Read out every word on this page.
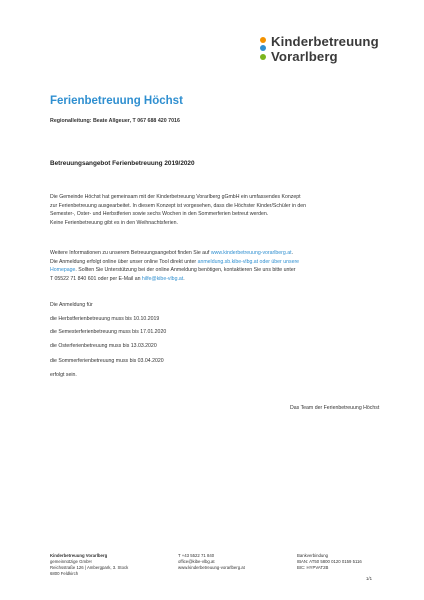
Kinderbetreuung
Vorarlberg
Ferienbetreuung Höchst
Regionalleitung: Beate Allgeuer, T 067 688 420 7016
Betreuungsangebot Ferienbetreuung 2019/2020
Die Gemeinde Höchst hat gemeinsam mit der Kinderbetreuung Vorarlberg gGmbH ein umfassendes Konzept
zur Ferienbetreuung ausgearbeitet. In diesem Konzept ist vorgesehen, dass die Höchster Kinder/Schüler in den
Semester-, Oster- und Herbstferien sowie sechs Wochen in den Sommerferien betreut werden.
Keine Ferienbetreuung gibt es in den Weihnachtsferien.
Weitere Informationen zu unserem Betreuungsangebot finden Sie auf www.kinderbetreuung-vorarlberg.at.
Die Anmeldung erfolgt online über unser online Tool direkt unter anmeldung.sb.kibe-vlbg.at oder über unsere
Homepage. Sollten Sie Unterstützung bei der online Anmeldung benötigen, kontaktieren Sie uns bitte unter
T 05522 71 840 601 oder per E-Mail an hilfe@kibe-vlbg.at.
Die Anmeldung für
die Herbstferienbetreuung muss bis 10.10.2019
die Semesterferienbetreuung muss bis 17.01.2020
die Osterferienbetreuung muss bis 13.03.2020
die Sommerferienbetreuung muss bis 03.04.2020
erfolgt sein.
Das Team der Ferienbetreuung Höchst
Kinderbetreuung Vorarlberg
gemeinnützige GmbH
Reichsstraße 126 | Ambergpark, 3. Stock
6800 Feldkirch
T +43 5522 71 840
office@kibe-vlbg.at
www.kinderbetreuung-vorarlberg.at
Bankverbindung
IBAN: AT50 5800 0120 0159 5116
BIC: HYPVAT2B
1/1
